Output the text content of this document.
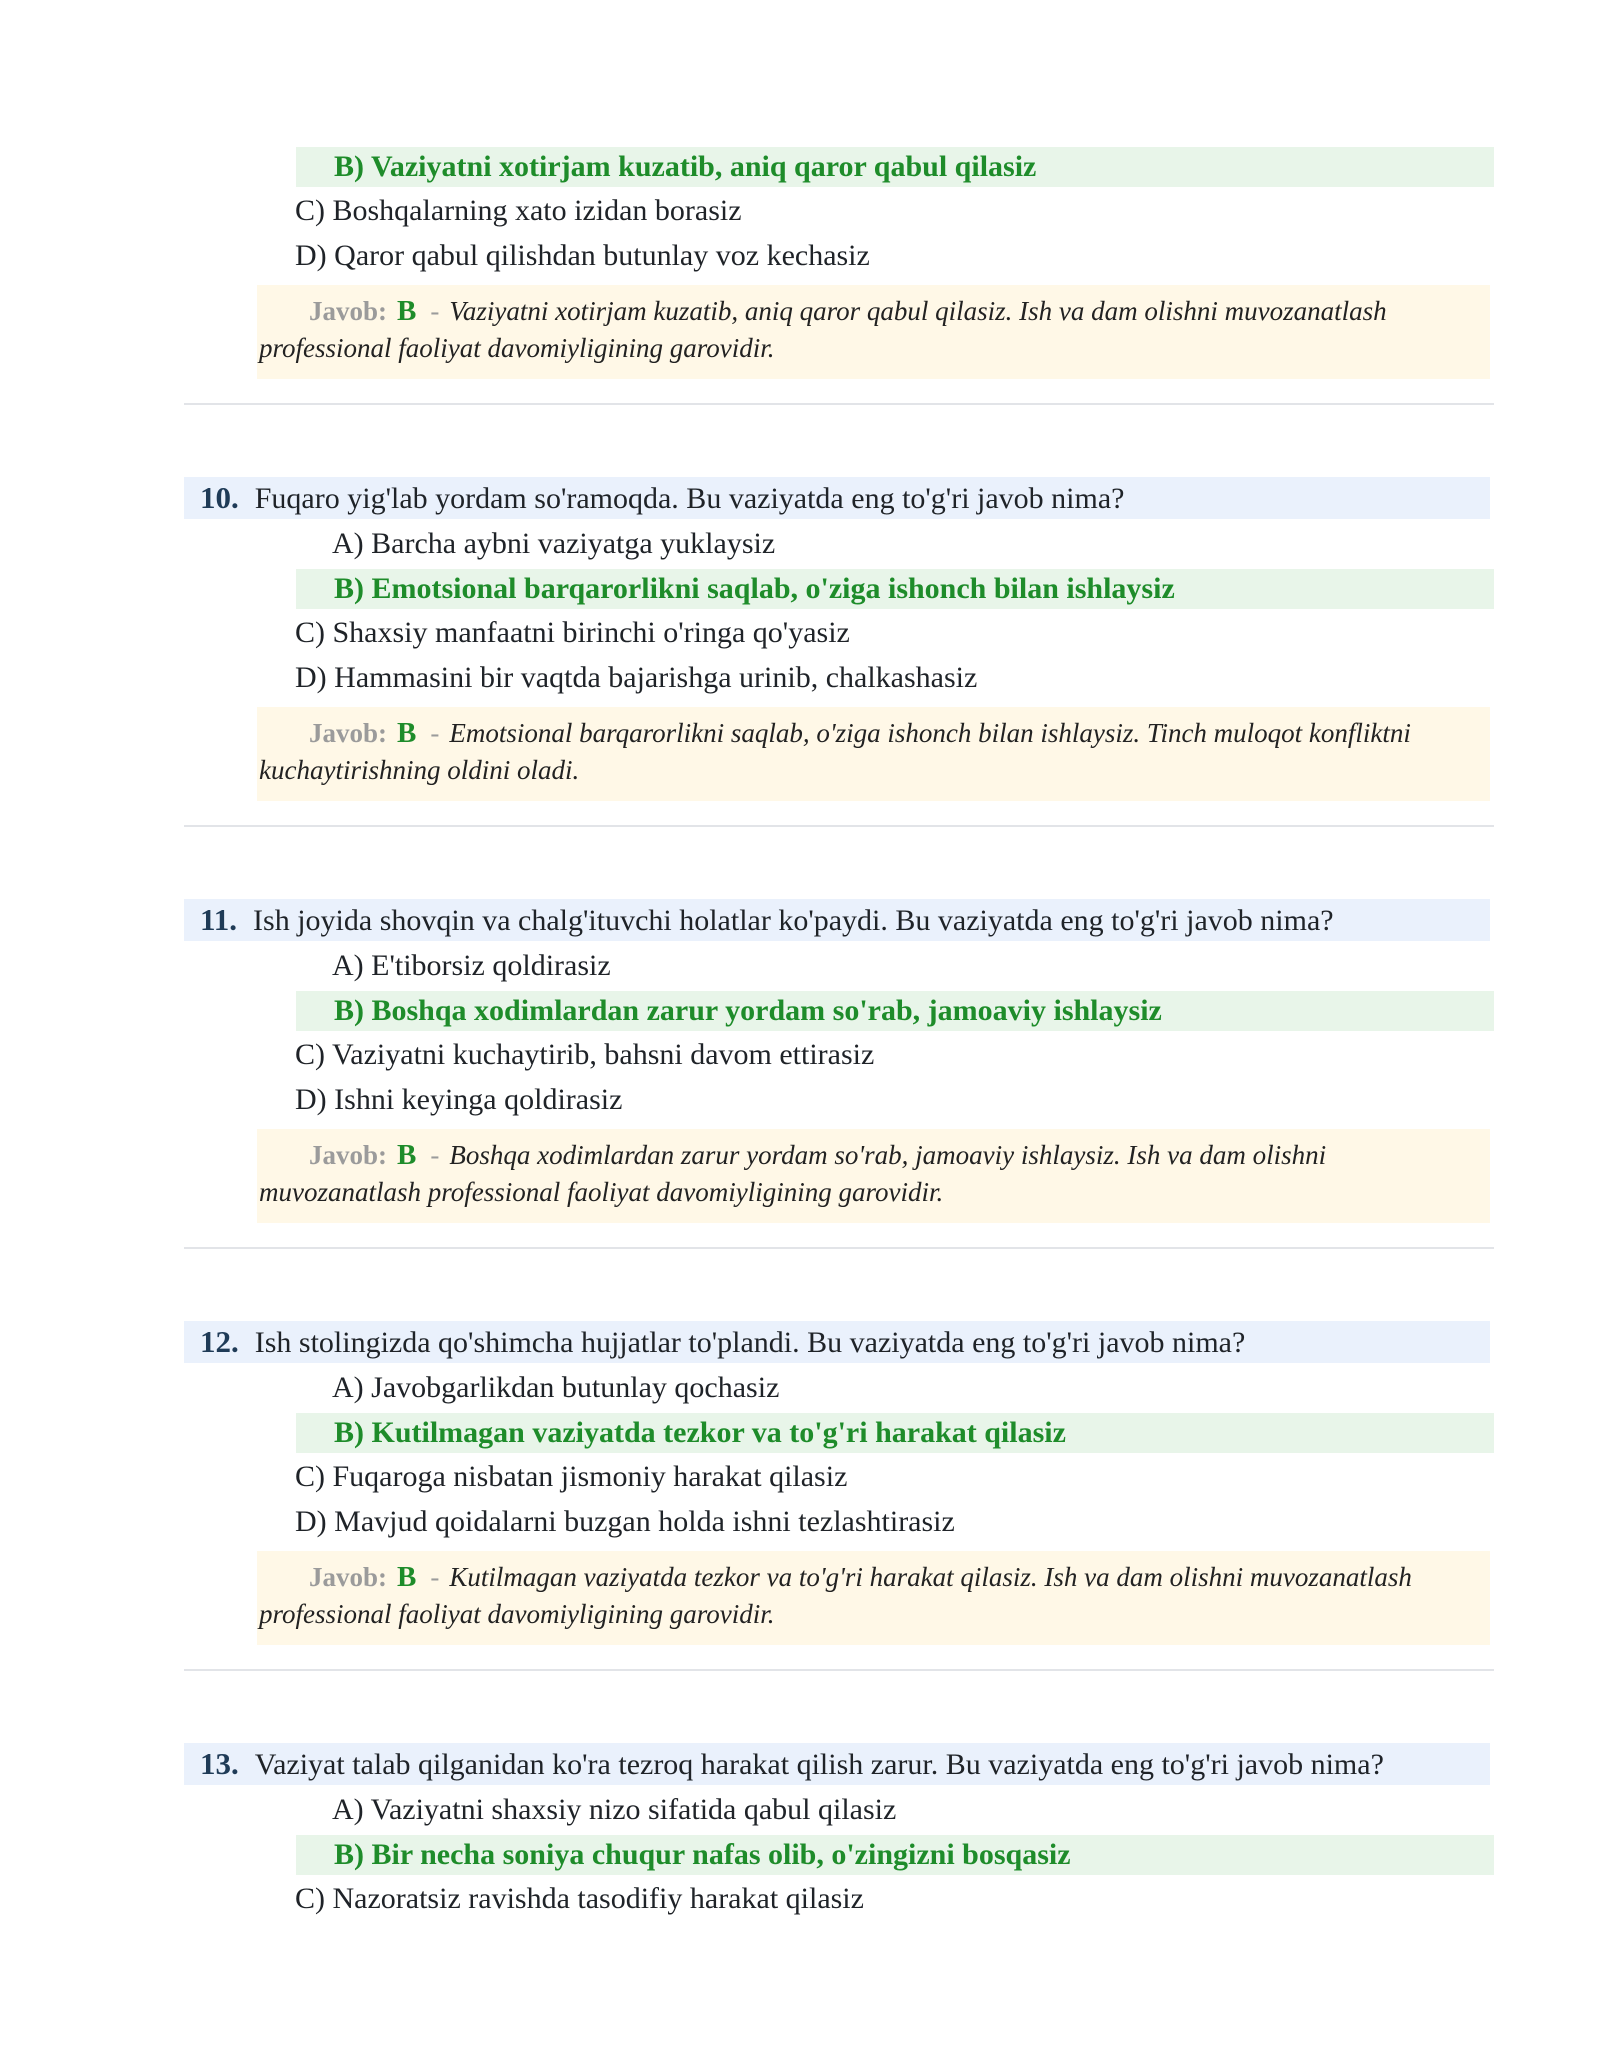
B) Vaziyatni xotirjam kuzatib, aniq qaror qabul qilasiz
C) Boshqalarning xato izidan borasiz
D) Qaror qabul qilishdan butunlay voz kechasiz
Javob: B - Vaziyatni xotirjam kuzatib, aniq qaror qabul qilasiz. Ish va dam olishni muvozanatlash professional faoliyat davomiyligining garovidir.
10. Fuqaro yig'lab yordam so'ramoqda. Bu vaziyatda eng to'g'ri javob nima?
A) Barcha aybni vaziyatga yuklaysiz
B) Emotsional barqarorlikni saqlab, o'ziga ishonch bilan ishlaysiz
C) Shaxsiy manfaatni birinchi o'ringa qo'yasiz
D) Hammasini bir vaqtda bajarishga urinib, chalkashasiz
Javob: B - Emotsional barqarorlikni saqlab, o'ziga ishonch bilan ishlaysiz. Tinch muloqot konfliktni kuchaytirishning oldini oladi.
11. Ish joyida shovqin va chalg'ituvchi holatlar ko'paydi. Bu vaziyatda eng to'g'ri javob nima?
A) E'tiborsiz qoldirasiz
B) Boshqa xodimlardan zarur yordam so'rab, jamoaviy ishlaysiz
C) Vaziyatni kuchaytirib, bahsni davom ettirasiz
D) Ishni keyinga qoldirasiz
Javob: B - Boshqa xodimlardan zarur yordam so'rab, jamoaviy ishlaysiz. Ish va dam olishni muvozanatlash professional faoliyat davomiyligining garovidir.
12. Ish stolingizda qo'shimcha hujjatlar to'plandi. Bu vaziyatda eng to'g'ri javob nima?
A) Javobgarlikdan butunlay qochasiz
B) Kutilmagan vaziyatda tezkor va to'g'ri harakat qilasiz
C) Fuqaroga nisbatan jismoniy harakat qilasiz
D) Mavjud qoidalarni buzgan holda ishni tezlashtirasiz
Javob: B - Kutilmagan vaziyatda tezkor va to'g'ri harakat qilasiz. Ish va dam olishni muvozanatlash professional faoliyat davomiyligining garovidir.
13. Vaziyat talab qilganidan ko'ra tezroq harakat qilish zarur. Bu vaziyatda eng to'g'ri javob nima?
A) Vaziyatni shaxsiy nizo sifatida qabul qilasiz
B) Bir necha soniya chuqur nafas olib, o'zingizni bosqasiz
C) Nazoratsiz ravishda tasodifiy harakat qilasiz
